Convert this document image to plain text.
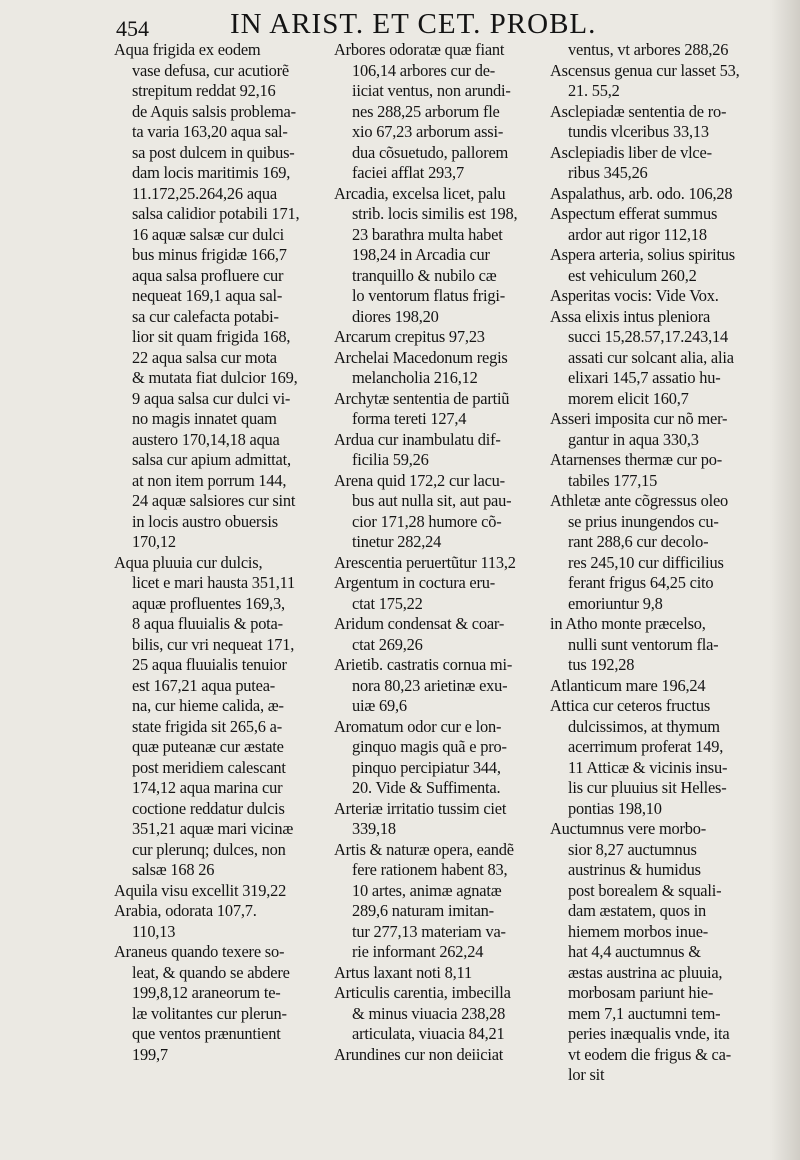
454	IN ARIST. ET CET. PROBL.
Aqua frigida ex eodem
vase defusa, cur acutiorẽ
strepitum reddat 92,16
de Aquis salsis problema-
ta varia 163,20 aqua sal-
sa post dulcem in quibus-
dam locis maritimis 169,
11.172,25.264,26 aqua
salsa calidior potabili 171,
16 aquæ salsæ cur dulci
bus minus frigidæ 166,7
aqua salsa profluere cur
nequeat 169,1 aqua sal-
sa cur calefacta potabi-
lior sit quam frigida 168,
22 aqua salsa cur mota
& mutata fiat dulcior 169,
9 aqua salsa cur dulci vi-
no magis innatet quam
austero 170,14,18 aqua
salsa cur apium admittat,
at non item porrum 144,
24 aquæ salsiores cur sint
in locis austro obuersis
170,12
Aqua pluuia cur dulcis,
licet e mari hausta 351,11
aquæ profluentes 169,3,
8 aqua fluuialis & pota-
bilis, cur vri nequeat 171,
25 aqua fluuialis tenuior
est 167,21 aqua putea-
na, cur hieme calida, æ-
state frigida sit 265,6 a-
quæ puteanæ cur æstate
post meridiem calescant
174,12 aqua marina cur
coctione reddatur dulcis
351,21 aquæ mari vicinæ
cur plerunq; dulces, non
salsæ 168 26
Aquila visu excellit 319,22
Arabia, odorata 107,7.
110,13
Araneus quando texere so-
leat, & quando se abdere
199,8,12 araneorum te-
læ volitantes cur plerun-
que ventos prænuntient
199,7
Arbores odoratæ quæ fiant
106,14 arbores cur de-
iiciat ventus, non arundi-
nes 288,25 arborum fle
xio 67,23 arborum assi-
dua cõsuetudo, pallorem
faciei afflat 293,7
Arcadia, excelsa licet, palu
strib. locis similis est 198,
23 barathra multa habet
198,24 in Arcadia cur
tranquillo & nubilo cæ
lo ventorum flatus frigi-
diores 198,20
Arcarum crepitus 97,23
Archelai Macedonum regis
melancholia 216,12
Archytæ sententia de partiũ
forma tereti 127,4
Ardua cur inambulatu dif-
ficilia 59,26
Arena quid 172,2 cur lacu-
bus aut nulla sit, aut pau-
cior 171,28 humore cõ-
tinetur 282,24
Arescentia peruertũtur 113,2
Argentum in coctura eru-
ctat 175,22
Aridum condensat & coar-
ctat 269,26
Arietib. castratis cornua mi-
nora 80,23 arietinæ exu-
uiæ 69,6
Aromatum odor cur e lon-
ginquo magis quã e pro-
pinquo percipiatur 344,
20. Vide & Suffimenta.
Arteriæ irritatio tussim ciet
339,18
Artis & naturæ opera, eandẽ
fere rationem habent 83,
10 artes, animæ agnatæ
289,6 naturam imitan-
tur 277,13 materiam va-
rie informant 262,24
Artus laxant noti 8,11
Articulis carentia, imbecilla
& minus viuacia 238,28
articulata, viuacia 84,21
Arundines cur non deiiciat
ventus, vt arbores 288,26
Ascensus genua cur lasset 53,
21. 55,2
Asclepiadæ sententia de ro-
tundis vlceribus 33,13
Asclepiadis liber de vlce-
ribus 345,26
Aspalathus, arb. odo. 106,28
Aspectum efferat summus
ardor aut rigor 112,18
Aspera arteria, solius spiritus
est vehiculum 260,2
Asperitas vocis: Vide Vox.
Assa elixis intus pleniora
succi 15,28.57,17.243,14
assati cur solcant alia, alia
elixari 145,7 assatio hu-
morem elicit 160,7
Asseri imposita cur nõ mer-
gantur in aqua 330,3
Atarnenses thermæ cur po-
tabiles 177,15
Athletæ ante cõgressus oleo
se prius inungendos cu-
rant 288,6 cur decolo-
res 245,10 cur difficilius
ferant frigus 64,25 cito
emoriuntur 9,8
in Atho monte præcelso,
nulli sunt ventorum fla-
tus 192,28
Atlanticum mare 196,24
Attica cur ceteros fructus
dulcissimos, at thymum
acerrimum proferat 149,
11 Atticæ & vicinis insu-
lis cur pluuius sit Helles-
pontias 198,10
Auctumnus vere morbo-
sior 8,27 auctumnus
austrinus & humidus
post borealem & squali-
dam æstatem, quos in
hiemem morbos inue-
hat 4,4 auctumnus &
æstas austrina ac pluuia,
morbosam pariunt hie-
mem 7,1 auctumni tem-
peries inæqualis vnde, ita
vt eodem die frigus & ca-
lor sit
